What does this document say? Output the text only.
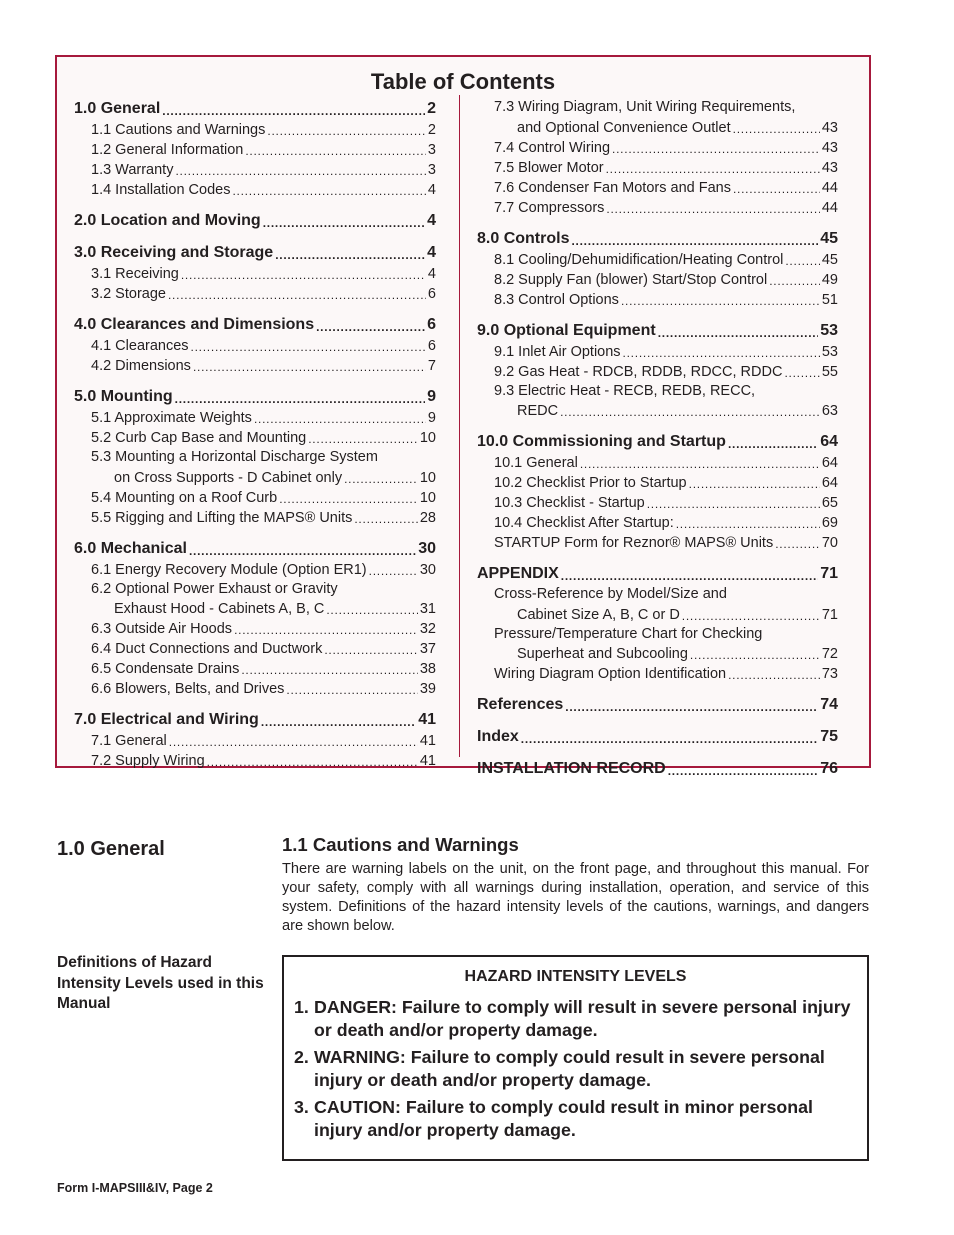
Table of Contents
1.0 General . . .	2
1.1 Cautions and Warnings . . .	2
1.2 General Information . . .	3
1.3 Warranty . . .	3
1.4 Installation Codes . . .	4
2.0 Location and Moving . . .	4
3.0 Receiving and Storage . . .	4
3.1 Receiving . . .	4
3.2 Storage . . .	6
4.0 Clearances and Dimensions . . .	6
4.1 Clearances . . .	6
4.2 Dimensions . . .	7
5.0 Mounting . . .	9
5.1 Approximate Weights . . .	9
5.2 Curb Cap Base and Mounting . . .	10
5.3 Mounting a Horizontal Discharge System
on Cross Supports - D Cabinet only . . .	10
5.4 Mounting on a Roof Curb . . .	10
5.5 Rigging and Lifting the MAPS® Units . . .	28
6.0 Mechanical . . .	30
6.1 Energy Recovery Module (Option ER1) . . .	30
6.2 Optional Power Exhaust or Gravity
Exhaust Hood - Cabinets A, B, C . . .	31
6.3 Outside Air Hoods . . .	32
6.4 Duct Connections and Ductwork . . .	37
6.5 Condensate Drains . . .	38
6.6 Blowers, Belts, and Drives . . .	39
7.0 Electrical and Wiring . . .	41
7.1 General . . .	41
7.2 Supply Wiring . . .	41
7.3 Wiring Diagram, Unit Wiring Requirements,
and Optional Convenience Outlet . . .	43
7.4 Control Wiring . . .	43
7.5 Blower Motor . . .	43
7.6 Condenser Fan Motors and Fans . . .	44
7.7 Compressors . . .	44
8.0 Controls . . .	45
8.1 Cooling/Dehumidification/Heating Control . . .	45
8.2 Supply Fan (blower) Start/Stop Control . . .	49
8.3 Control Options . . .	51
9.0 Optional Equipment . . .	53
9.1 Inlet Air Options . . .	53
9.2 Gas Heat - RDCB, RDDB, RDCC, RDDC . . .	55
9.3 Electric Heat - RECB, REDB, RECC,
REDC . . .	63
10.0 Commissioning and Startup . . .	64
10.1 General . . .	64
10.2 Checklist Prior to Startup . . .	64
10.3 Checklist - Startup . . .	65
10.4 Checklist After Startup: . . .	69
STARTUP Form for Reznor® MAPS® Units . . .	70
APPENDIX . . .	71
Cross-Reference by Model/Size and
Cabinet Size A, B, C or D . . .	71
Pressure/Temperature Chart for Checking
Superheat and Subcooling . . .	72
Wiring Diagram Option Identification . . .	73
References . . .	74
Index . . .	75
INSTALLATION RECORD . . .	76
1.0 General	1.1 Cautions and Warnings
There are warning labels on the unit, on the front page, and throughout this manual. For your safety, comply with all warnings during installation, operation, and service of this system. Definitions of the hazard intensity levels of the cautions, warnings, and dangers are shown below.
Definitions of Hazard Intensity Levels used in this Manual
HAZARD INTENSITY LEVELS
1. DANGER: Failure to comply will result in severe personal injury or death and/or property damage.
2. WARNING: Failure to comply could result in severe personal injury or death and/or property damage.
3. CAUTION: Failure to comply could result in minor personal injury and/or property damage.
Form I-MAPSIII&IV, Page 2
